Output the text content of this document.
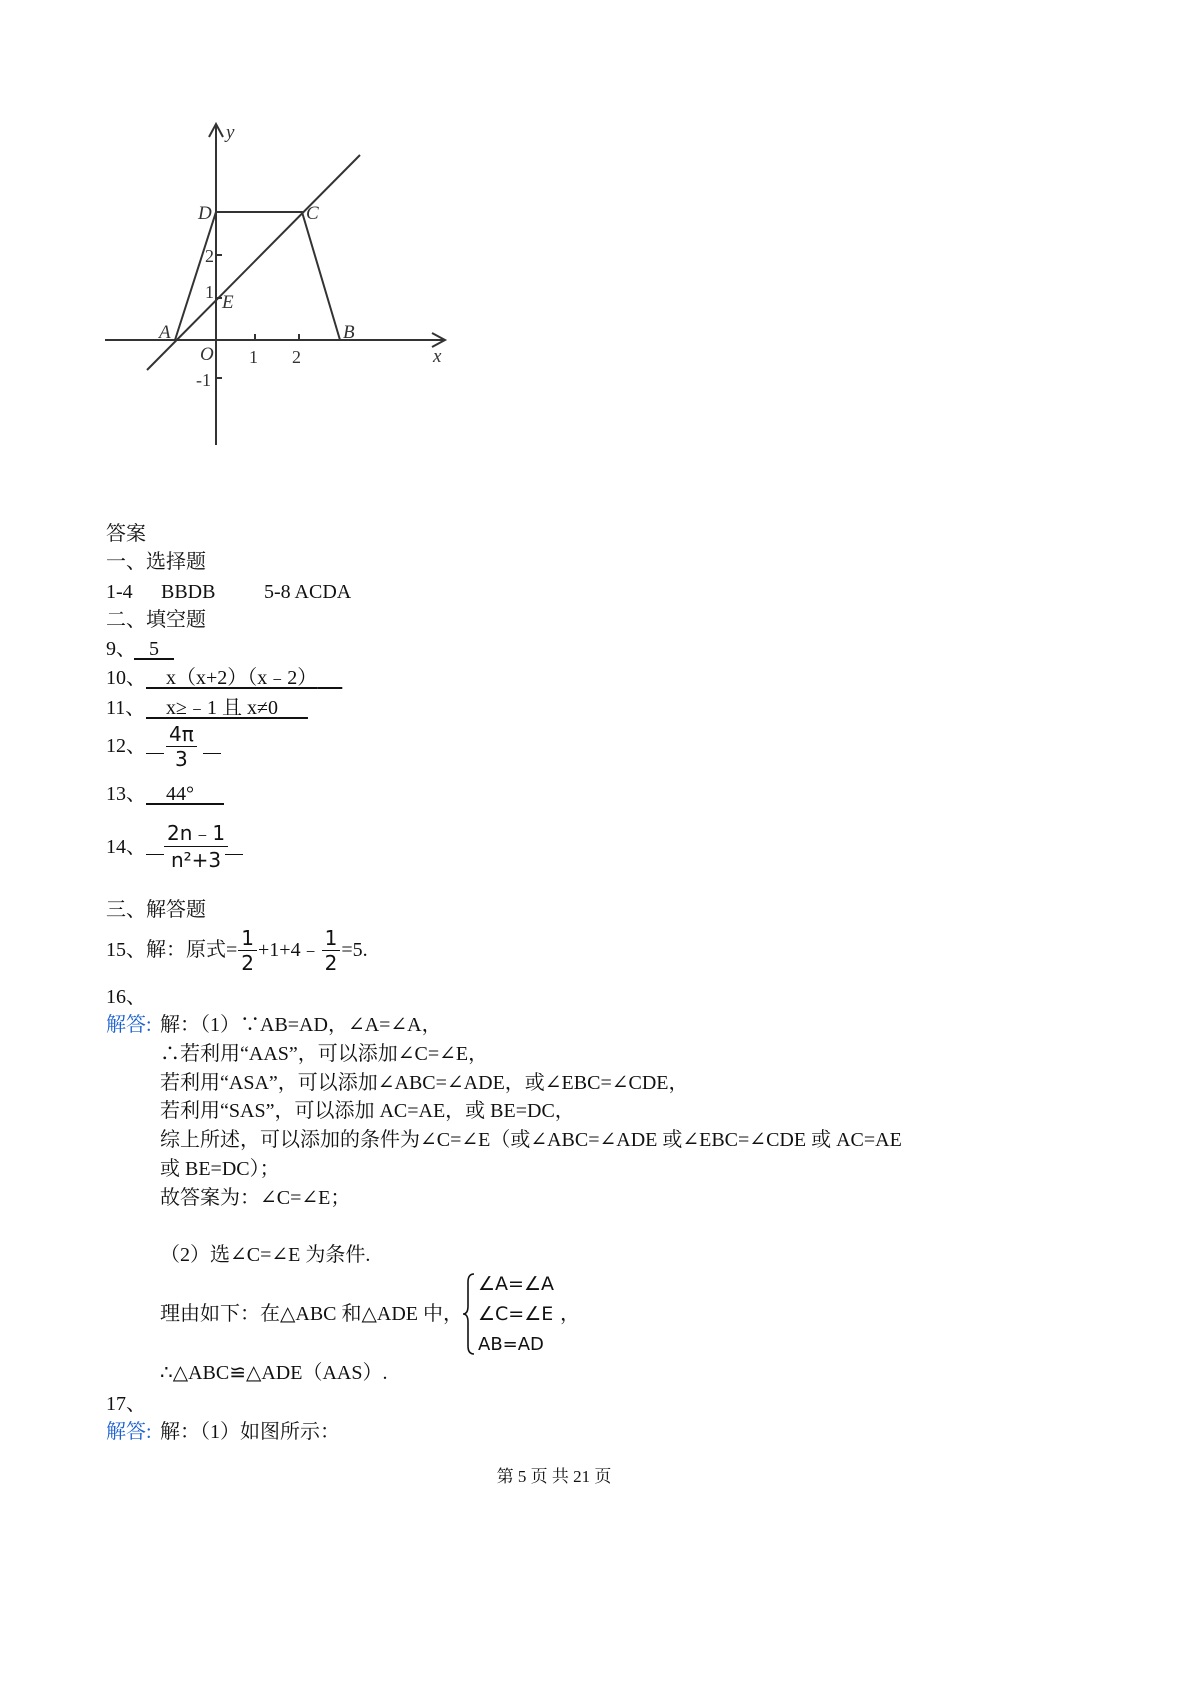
y
x
D	C
E
A	B
O 1 2
2
1
-1
答案
一、选择题
1-4 BBDB 5-8 ACDA
二、填空题
9、 5
10、	x（x+2）（x﹣2）
11、	x≥﹣1 且 x≠0
12、 $\frac{4\pi}{3}$
13、	44°
14、 $\frac{2n﹣1}{\text{n²+3}}$
三、解答题
15、解：原式= $\frac{1}{2}$ +1+4﹣ $\frac{1}{2} =5$.
16、
解答: 解：（1）∵AB=AD，∠A=∠A，
∴若利用“AAS”，可以添加∠C=∠E，
若利用“ASA”，可以添加∠ABC=∠ADE，或∠EBC=∠CDE，
若利用“SAS”，可以添加 AC=AE，或 BE=DC，
综上所述，可以添加的条件为∠C=∠E（或∠ABC=∠ADE 或∠EBC=∠CDE 或 AC=AE
或 BE=DC）；
故答案为：∠C=∠E；
（2）选∠C=∠E 为条件.
理由如下：在△ABC 和△ADE 中，
∠A=∠A
∠C=∠E ，
AB=AD
∴△ABC≌△ADE（AAS）.
17、
解答: 解：（1）如图所示：
第 5 页 共 21 页
